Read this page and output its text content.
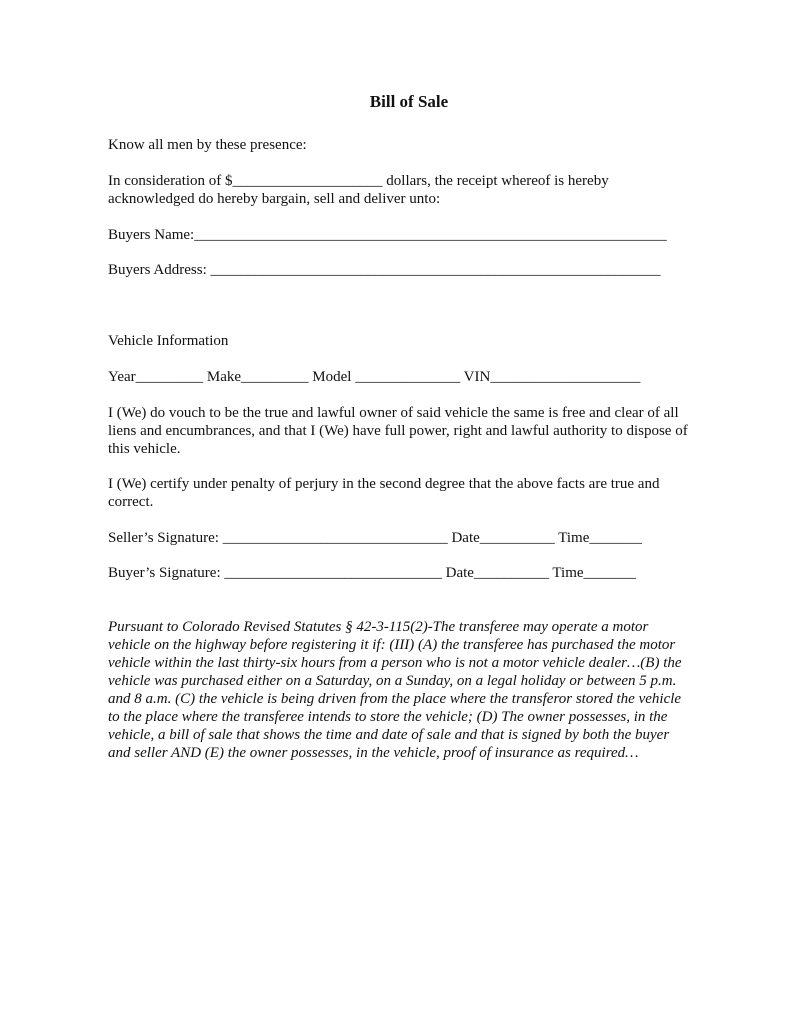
Bill of Sale
Know all men by these presence:
In consideration of $____________________ dollars, the receipt whereof is hereby
acknowledged do hereby bargain, sell and deliver unto:
Buyers Name:_______________________________________________________________
Buyers Address: ____________________________________________________________
Vehicle Information
Year_________ Make_________ Model ______________ VIN____________________
I (We) do vouch to be the true and lawful owner of said vehicle the same is free and clear of all
liens and encumbrances, and that I (We) have full power, right and lawful authority to dispose of
this vehicle.
I (We) certify under penalty of perjury in the second degree that the above facts are true and
correct.
Seller’s Signature: ______________________________ Date__________ Time_______
Buyer’s Signature: _____________________________ Date__________ Time_______
Pursuant to Colorado Revised Statutes § 42-3-115(2)-The transferee may operate a motor
vehicle on the highway before registering it if: (III) (A) the transferee has purchased the motor
vehicle within the last thirty-six hours from a person who is not a motor vehicle dealer…(B) the
vehicle was purchased either on a Saturday, on a Sunday, on a legal holiday or between 5 p.m.
and 8 a.m. (C) the vehicle is being driven from the place where the transferor stored the vehicle
to the place where the transferee intends to store the vehicle; (D) The owner possesses, in the
vehicle, a bill of sale that shows the time and date of sale and that is signed by both the buyer
and seller AND (E) the owner possesses, in the vehicle, proof of insurance as required…
